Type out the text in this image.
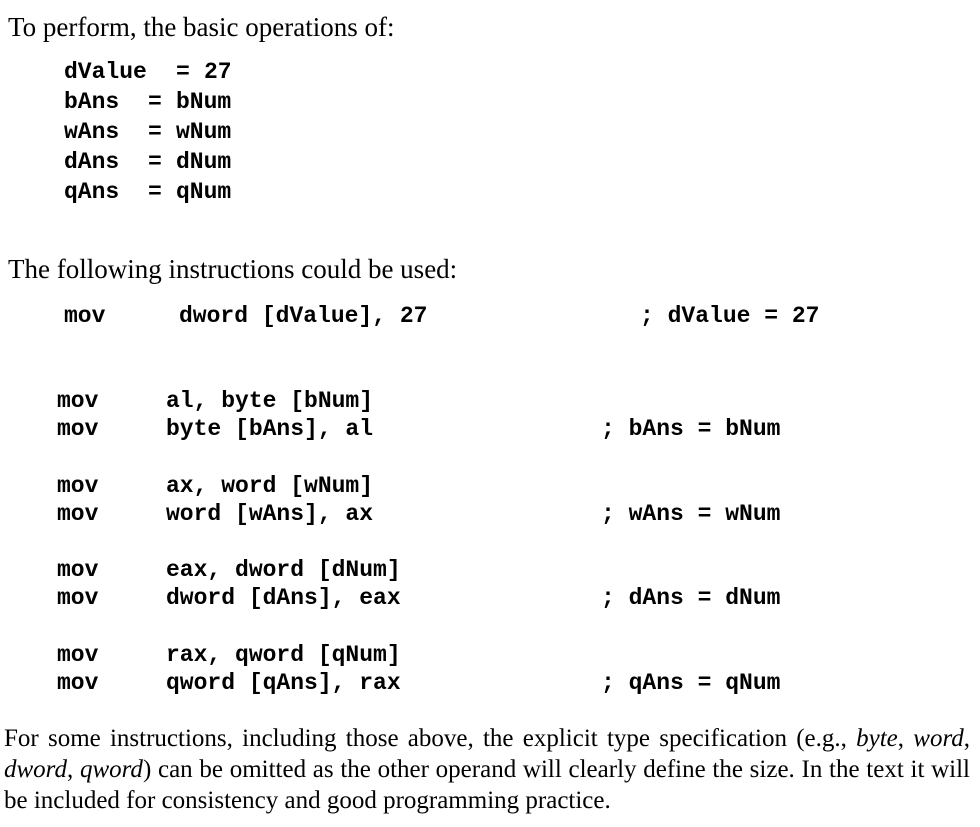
To perform, the basic operations of:
dValue = 27
bAns = bNum
wAns = wNum
dAns = dNum
qAns = qNum
The following instructions could be used:
mov	dword [dValue], 27	; dValue = 27
mov	al, byte [bNum]
mov	byte [bAns], al	; bAns = bNum
mov	ax, word [wNum]
mov	word [wAns], ax	; wAns = wNum
mov	eax, dword [dNum]
mov	dword [dAns], eax	; dAns = dNum
mov	rax, qword [qNum]
mov	qword [qAns], rax	; qAns = qNum

For some instructions, including those above, the explicit type specification (e.g., byte, word, dword, qword) can be omitted as the other operand will clearly define the size. In the text it will be included for consistency and good programming practice.
